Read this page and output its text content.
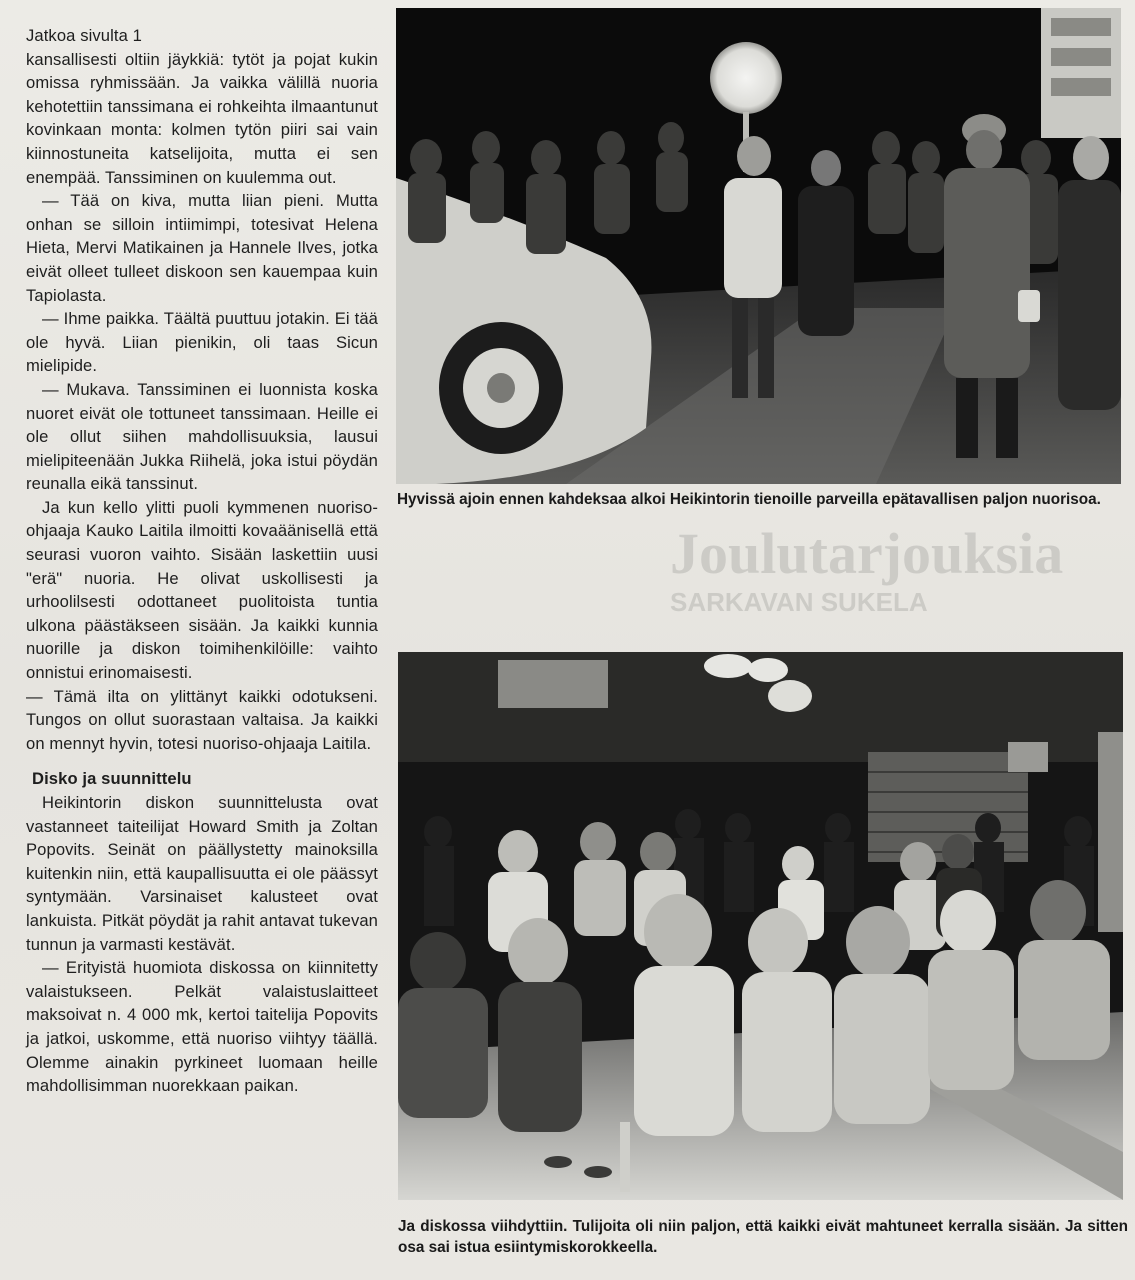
Joulutarjouksia
SARKAVAN SUKELA

Jatkoa sivulta 1

kansallisesti oltiin jäykkiä: tytöt ja pojat kukin omissa ryhmissään. Ja vaikka välillä nuoria kehotettiin tanssimana ei rohkeihta ilmaantunut kovinkaan monta: kolmen tytön piiri sai vain kiinnostuneita katselijoita, mutta ei sen enempää. Tanssiminen on kuulemma out.

— Tää on kiva, mutta liian pieni. Mutta onhan se silloin intiimimpi, totesivat Helena Hieta, Mervi Matikainen ja Hannele Ilves, jotka eivät olleet tulleet diskoon sen kauempaa kuin Tapiolasta.

— Ihme paikka. Täältä puuttuu jotakin. Ei tää ole hyvä. Liian pienikin, oli taas Sicun mielipide.

— Mukava. Tanssiminen ei luonnista koska nuoret eivät ole tottuneet tanssimaan. Heille ei ole ollut siihen mahdollisuuksia, lausui mielipiteenään Jukka Riihelä, joka istui pöydän reunalla eikä tanssinut.

Ja kun kello ylitti puoli kymmenen nuoriso-ohjaaja Kauko Laitila ilmoitti kovaäänisellä että seurasi vuoron vaihto. Sisään laskettiin uusi "erä" nuoria. He olivat uskollisesti ja urhoolilsesti odottaneet puolitoista tuntia ulkona päästäkseen sisään. Ja kaikki kunnia nuorille ja diskon toimihenkilöille: vaihto onnistui erinomaisesti.

— Tämä ilta on ylittänyt kaikki odotukseni. Tungos on ollut suorastaan valtaisa. Ja kaikki on mennyt hyvin, totesi nuoriso-ohjaaja Laitila.

Disko ja suunnittelu

Heikintorin diskon suunnittelusta ovat vastanneet taiteilijat Howard Smith ja Zoltan Popovits. Seinät on päällystetty mainoksilla kuitenkin niin, että kaupallisuutta ei ole päässyt syntymään. Varsinaiset kalusteet ovat lankuista. Pitkät pöydät ja rahit antavat tukevan tunnun ja varmasti kestävät.

— Erityistä huomiota diskossa on kiinnitetty valaistukseen. Pelkät valaistuslaitteet maksoivat n. 4 000 mk, kertoi taitelija Popovits ja jatkoi, uskomme, että nuoriso viihtyy täällä. Olemme ainakin pyrkineet luomaan heille mahdollisimman nuorekkaan paikan.

Hyvissä ajoin ennen kahdeksaa alkoi Heikintorin tienoille parveilla epätavallisen paljon nuorisoa.
Ja diskossa viihdyttiin. Tulijoita oli niin paljon, että kaikki eivät mahtuneet kerralla sisään. Ja sitten osa sai istua esiintymiskorokkeella.
